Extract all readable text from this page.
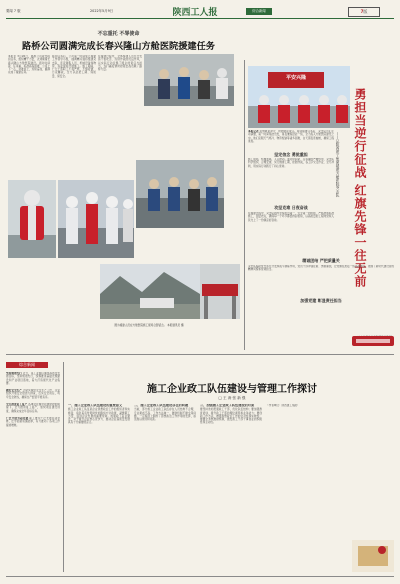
要闻 7 版	2022年5月9日	陕西工人报	综合新闻	7版
不忘重托 不辱使命
路桥公司圆满完成长春兴隆山方舱医院援建任务
本报讯 3月26日，路桥公司紧急接到任务，组织精干力量，火速驰援长春兴隆山方舱医院建设。面对时间紧、任务重、标准高等困难，公司上下一心，迎难而上，连续奋战，圆满完成了援建任务。
接到任务后，公司第一时间成立援建工作领导小组，抽调精兵强将组建突击队，连夜调集人员、机械设备和物资，奔赴现场开展施工。施工期间，广大干部职工不畏严寒、不惧疫情，日夜鏖战，全力以赴抢工期、保质量、保安全。
在援建过程中，全体参建人员充分发扬不怕吃苦、连续作战的优良作风，以实际行动诠释了国企的责任与担当，为打赢疫情防控阻击战贡献了路桥力量。
图为援建人员在方舱医院施工现场合影留念。 本报通讯员 摄
平安兴隆
勇担当逆行征战 红旗先锋一往无前
——记陕西建工集团援建方舱医院突击队
本报记者 疫情就是命令，防控就是责任。接到援建任务后，突击队员们主动请缨，第一时间集结出发，星夜兼程赶赴一线，全力投入方舱医院建设之中。他们克服天气寒冷、物资短缺等诸多困难，白天黑夜连轴转，确保工程进度。
坚定信念 勇挑重担
施工现场，机械轰鸣，人头攒动。面对时间紧、任务重的严峻形势，突击队科学组织、合理安排，实行倒排工期，挂图作战，各工序交叉作业，全力冲刺，用实际行动践行了初心使命。
攻坚克难 日夜奋战
在援建过程中，突击队始终坚持质量第一、安全第一的原则，严格按照标准施工，层层把关，确保每一个环节都经得起检验，以高质量的工程向党和人民交上了一份满意的答卷。
精诚团结 严把质量关
突击队临时党支部充分发挥战斗堡垒作用，党员干部冲锋在前、勇挑重担，让党旗在抗疫一线高高飘扬，展现了新时代建设者的精神风貌和使命担当。
加强党建 彰显责任担当
综合新闻
坚持规划先行 近日，某工业园区围绕高质量发展目标，坚持规划先行，统筹推进基础设施建设和产业项目落地，着力打造现代化产业集群。
做好安全生产 为切实做好安全生产工作，企业组织开展安全隐患大排查，压实安全责任，筑牢安全防线，确保生产经营平稳有序。
全力推进复工复产 各单位在做好疫情防控的前提下，全力推进复工复产，加快项目建设进度，确保完成全年目标任务。
广泛开展劳动竞赛 职工群众广泛开展劳动竞赛，比学赶超氛围浓厚，有力推动了各项工作提质增效。
施工企业政工队伍建设与管理工作探讨
□ 王 涛 张 新 强
一、施工企业政工队伍建设的重要意义
施工企业政工队伍是企业思想政治工作的组织者和实施者，肩负着宣传贯彻党的路线方针政策、凝聚职工力量、促进企业发展的重要使命。加强政工队伍建设，对于提升企业核心竞争力、推动企业高质量发展具有十分重要的意义。
二、施工企业政工队伍建设存在的问题
当前，部分施工企业政工队伍存在人员结构不合理、专业素质不高、工作方法单一、激励机制不健全等问题，一定程度上制约了思想政治工作作用的发挥，亟需加以改进和完善。
三、加强施工企业政工队伍建设的对策
要坚持选好配强政工干部，优化队伍结构；要加强教育培训，提升政工干部的理论素养和业务能力；要创新工作方法，增强思想政治工作的针对性和实效性；要健全考核激励机制，激发政工干部干事创业的积极性和主动性。
（作者单位：陕西建工集团）
